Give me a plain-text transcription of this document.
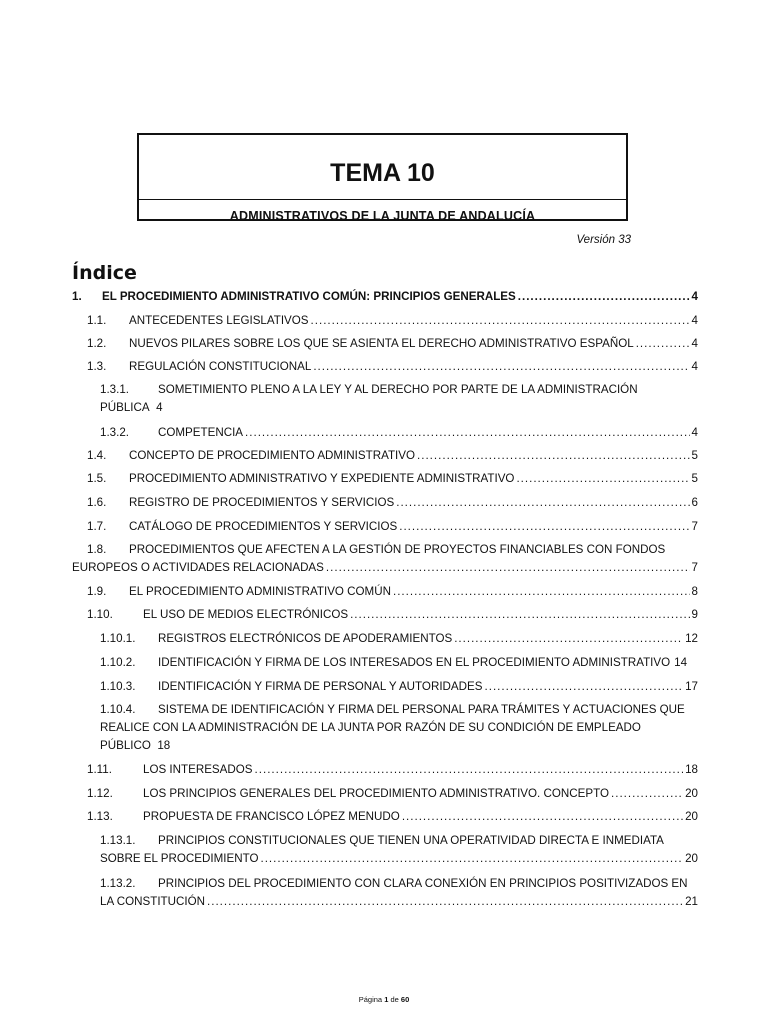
TEMA 10
ADMINISTRATIVOS DE LA JUNTA DE ANDALUCÍA
Versión 33
Índice
1.	EL PROCEDIMIENTO ADMINISTRATIVO COMÚN: PRINCIPIOS GENERALES .....	4
1.1.	ANTECEDENTES LEGISLATIVOS .....	4
1.2.	NUEVOS PILARES SOBRE LOS QUE SE ASIENTA EL DERECHO ADMINISTRATIVO ESPAÑOL .....	4
1.3.	REGULACIÓN CONSTITUCIONAL .....	4
1.3.1. SOMETIMIENTO PLENO A LA LEY Y AL DERECHO POR PARTE DE LA ADMINISTRACIÓN
PÚBLICA 4
1.3.2.	COMPETENCIA .....	4
1.4.	CONCEPTO DE PROCEDIMIENTO ADMINISTRATIVO .....	5
1.5.	PROCEDIMIENTO ADMINISTRATIVO Y EXPEDIENTE ADMINISTRATIVO .....	5
1.6.	REGISTRO DE PROCEDIMIENTOS Y SERVICIOS .....	6
1.7.	CATÁLOGO DE PROCEDIMIENTOS Y SERVICIOS .....	7
1.8. PROCEDIMIENTOS QUE AFECTEN A LA GESTIÓN DE PROYECTOS FINANCIABLES CON FONDOS
EUROPEOS O ACTIVIDADES RELACIONADAS .....	7
1.9.	EL PROCEDIMIENTO ADMINISTRATIVO COMÚN .....	8
1.10.	EL USO DE MEDIOS ELECTRÓNICOS .....	9
1.10.1.	REGISTROS ELECTRÓNICOS DE APODERAMIENTOS .....	12
1.10.2.	IDENTIFICACIÓN Y FIRMA DE LOS INTERESADOS EN EL PROCEDIMIENTO ADMINISTRATIVO 14
1.10.3.	IDENTIFICACIÓN Y FIRMA DE PERSONAL Y AUTORIDADES .....	17
1.10.4. SISTEMA DE IDENTIFICACIÓN Y FIRMA DEL PERSONAL PARA TRÁMITES Y ACTUACIONES QUE
REALICE CON LA ADMINISTRACIÓN DE LA JUNTA POR RAZÓN DE SU CONDICIÓN DE EMPLEADO
PÚBLICO 18
1.11.	LOS INTERESADOS .....	18
1.12.	LOS PRINCIPIOS GENERALES DEL PROCEDIMIENTO ADMINISTRATIVO. CONCEPTO .....	20
1.13.	PROPUESTA DE FRANCISCO LÓPEZ MENUDO .....	20
1.13.1. PRINCIPIOS CONSTITUCIONALES QUE TIENEN UNA OPERATIVIDAD DIRECTA E INMEDIATA
SOBRE EL PROCEDIMIENTO .....	20
1.13.2. PRINCIPIOS DEL PROCEDIMIENTO CON CLARA CONEXIÓN EN PRINCIPIOS POSITIVIZADOS EN
LA CONSTITUCIÓN .....	21
Página 1 de 60
